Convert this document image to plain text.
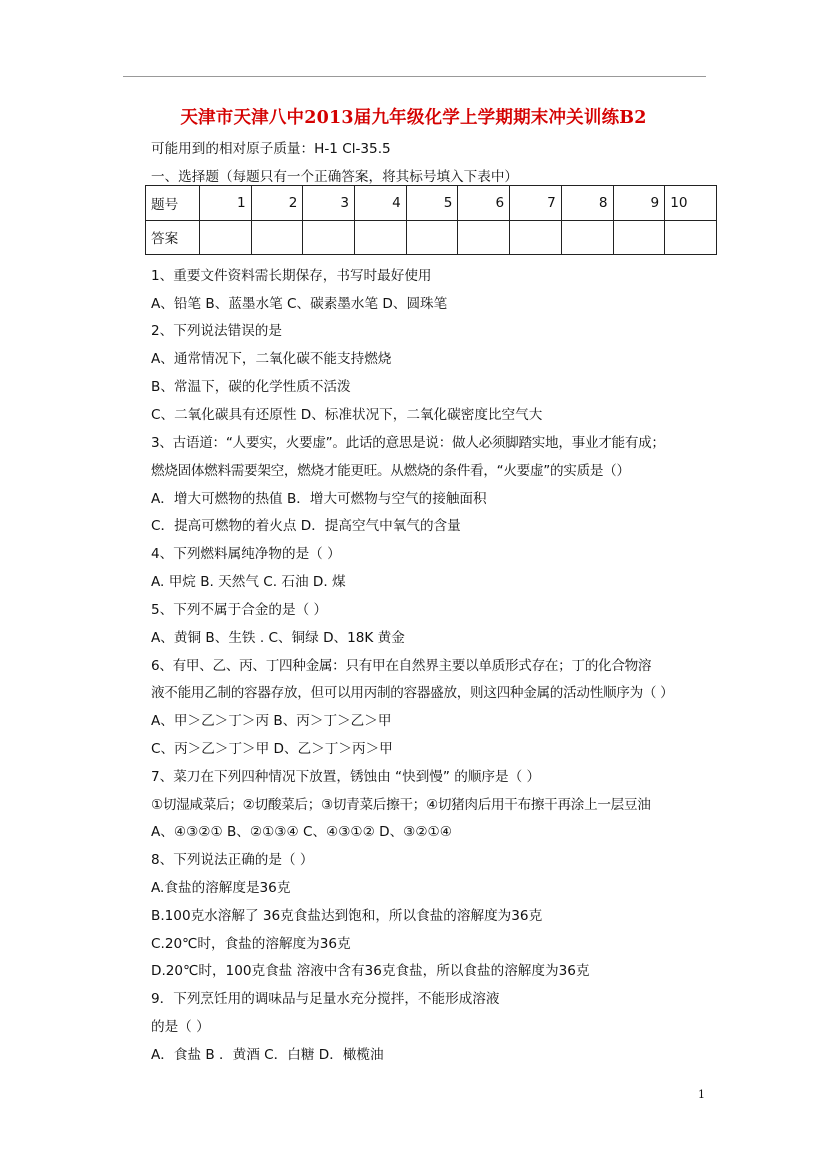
天津市天津八中2013届九年级化学上学期期末冲关训练B2
可能用到的相对原子质量：H-1 Cl-35.5
一、选择题（每题只有一个正确答案，将其标号填入下表中）
题号	1	2	3	4	5	6	7	8	9	10
答案										
1、重要文件资料需长期保存，书写时最好使用
A、铅笔 B、蓝墨水笔 C、碳素墨水笔 D、圆珠笔
2、下列说法错误的是
A、通常情况下，二氧化碳不能支持燃烧
B、常温下，碳的化学性质不活泼
C、二氧化碳具有还原性 D、标准状况下，二氧化碳密度比空气大
3、古语道：“人要实，火要虚”。此话的意思是说：做人必须脚踏实地，事业才能有成；
燃烧固体燃料需要架空，燃烧才能更旺。从燃烧的条件看，“火要虚”的实质是（）
A．增大可燃物的热值 B．增大可燃物与空气的接触面积
C．提高可燃物的着火点 D．提高空气中氧气的含量
4、下列燃料属纯净物的是（ ）
A. 甲烷 B. 天然气 C. 石油 D. 煤
5、下列不属于合金的是（ ）
A、黄铜 B、生铁 . C、铜绿 D、18K 黄金
6、有甲、乙、丙、丁四种金属：只有甲在自然界主要以单质形式存在；丁的化合物溶
液不能用乙制的容器存放，但可以用丙制的容器盛放，则这四种金属的活动性顺序为（ ）
A、甲＞乙＞丁＞丙 B、丙＞丁＞乙＞甲
C、丙＞乙＞丁＞甲 D、乙＞丁＞丙＞甲
7、菜刀在下列四种情况下放置，锈蚀由 “快到慢” 的顺序是（ ）
①切湿咸菜后；②切酸菜后；③切青菜后擦干；④切猪肉后用干布擦干再涂上一层豆油
A、④③②① B、②①③④ C、④③①② D、③②①④
8、下列说法正确的是（ ）
A.食盐的溶解度是36克
B.100克水溶解了 36克食盐达到饱和，所以食盐的溶解度为36克
C.20℃时，食盐的溶解度为36克
D.20℃时，100克食盐 溶液中含有36克食盐，所以食盐的溶解度为36克
9．下列烹饪用的调味品与足量水充分搅拌，不能形成溶液
的是（ ）
A．食盐 B ．黄酒 C．白糖 D．橄榄油
1
